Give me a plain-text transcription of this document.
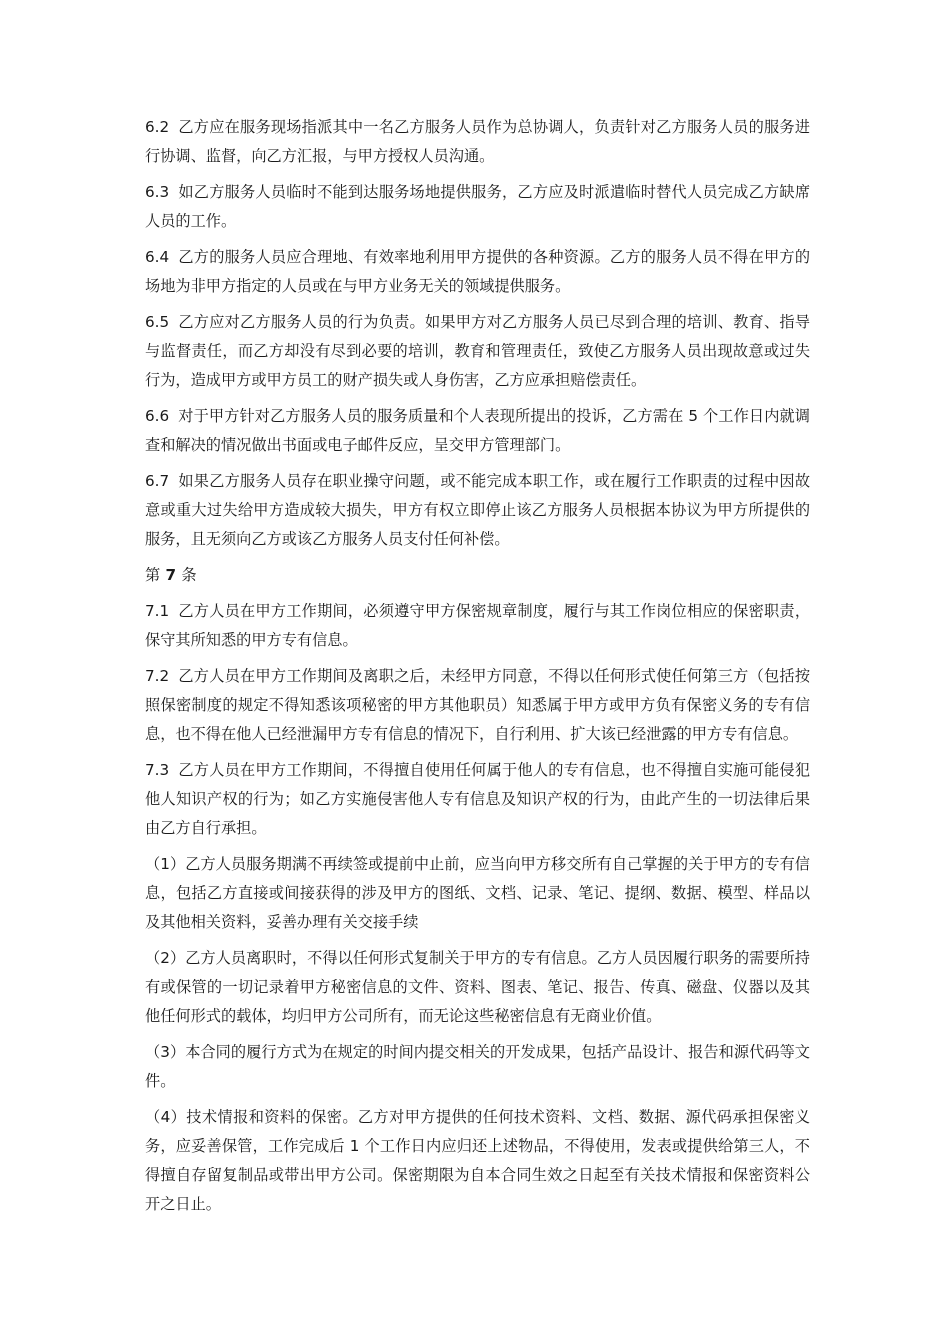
6.2 乙方应在服务现场指派其中一名乙方服务人员作为总协调人，负责针对乙方服务人员的服务进行协调、监督，向乙方汇报，与甲方授权人员沟通。

6.3 如乙方服务人员临时不能到达服务场地提供服务，乙方应及时派遣临时替代人员完成乙方缺席人员的工作。

6.4 乙方的服务人员应合理地、有效率地利用甲方提供的各种资源。乙方的服务人员不得在甲方的场地为非甲方指定的人员或在与甲方业务无关的领域提供服务。

6.5 乙方应对乙方服务人员的行为负责。如果甲方对乙方服务人员已尽到合理的培训、教育、指导与监督责任，而乙方却没有尽到必要的培训，教育和管理责任，致使乙方服务人员出现故意或过失行为，造成甲方或甲方员工的财产损失或人身伤害，乙方应承担赔偿责任。

6.6 对于甲方针对乙方服务人员的服务质量和个人表现所提出的投诉，乙方需在 5 个工作日内就调查和解决的情况做出书面或电子邮件反应，呈交甲方管理部门。

6.7 如果乙方服务人员存在职业操守问题，或不能完成本职工作，或在履行工作职责的过程中因故意或重大过失给甲方造成较大损失，甲方有权立即停止该乙方服务人员根据本协议为甲方所提供的服务，且无须向乙方或该乙方服务人员支付任何补偿。

第 7 条

7.1 乙方人员在甲方工作期间，必须遵守甲方保密规章制度，履行与其工作岗位相应的保密职责，保守其所知悉的甲方专有信息。

7.2 乙方人员在甲方工作期间及离职之后，未经甲方同意，不得以任何形式使任何第三方（包括按照保密制度的规定不得知悉该项秘密的甲方其他职员）知悉属于甲方或甲方负有保密义务的专有信息，也不得在他人已经泄漏甲方专有信息的情况下，自行利用、扩大该已经泄露的甲方专有信息。

7.3 乙方人员在甲方工作期间，不得擅自使用任何属于他人的专有信息，也不得擅自实施可能侵犯他人知识产权的行为；如乙方实施侵害他人专有信息及知识产权的行为，由此产生的一切法律后果由乙方自行承担。

（1）乙方人员服务期满不再续签或提前中止前，应当向甲方移交所有自己掌握的关于甲方的专有信息，包括乙方直接或间接获得的涉及甲方的图纸、文档、记录、笔记、提纲、数据、模型、样品以及其他相关资料，妥善办理有关交接手续

（2）乙方人员离职时，不得以任何形式复制关于甲方的专有信息。乙方人员因履行职务的需要所持有或保管的一切记录着甲方秘密信息的文件、资料、图表、笔记、报告、传真、磁盘、仪器以及其他任何形式的载体，均归甲方公司所有，而无论这些秘密信息有无商业价值。

（3）本合同的履行方式为在规定的时间内提交相关的开发成果，包括产品设计、报告和源代码等文件。

（4）技术情报和资料的保密。乙方对甲方提供的任何技术资料、文档、数据、源代码承担保密义务，应妥善保管，工作完成后 1 个工作日内应归还上述物品，不得使用，发表或提供给第三人，不得擅自存留复制品或带出甲方公司。保密期限为自本合同生效之日起至有关技术情报和保密资料公开之日止。
